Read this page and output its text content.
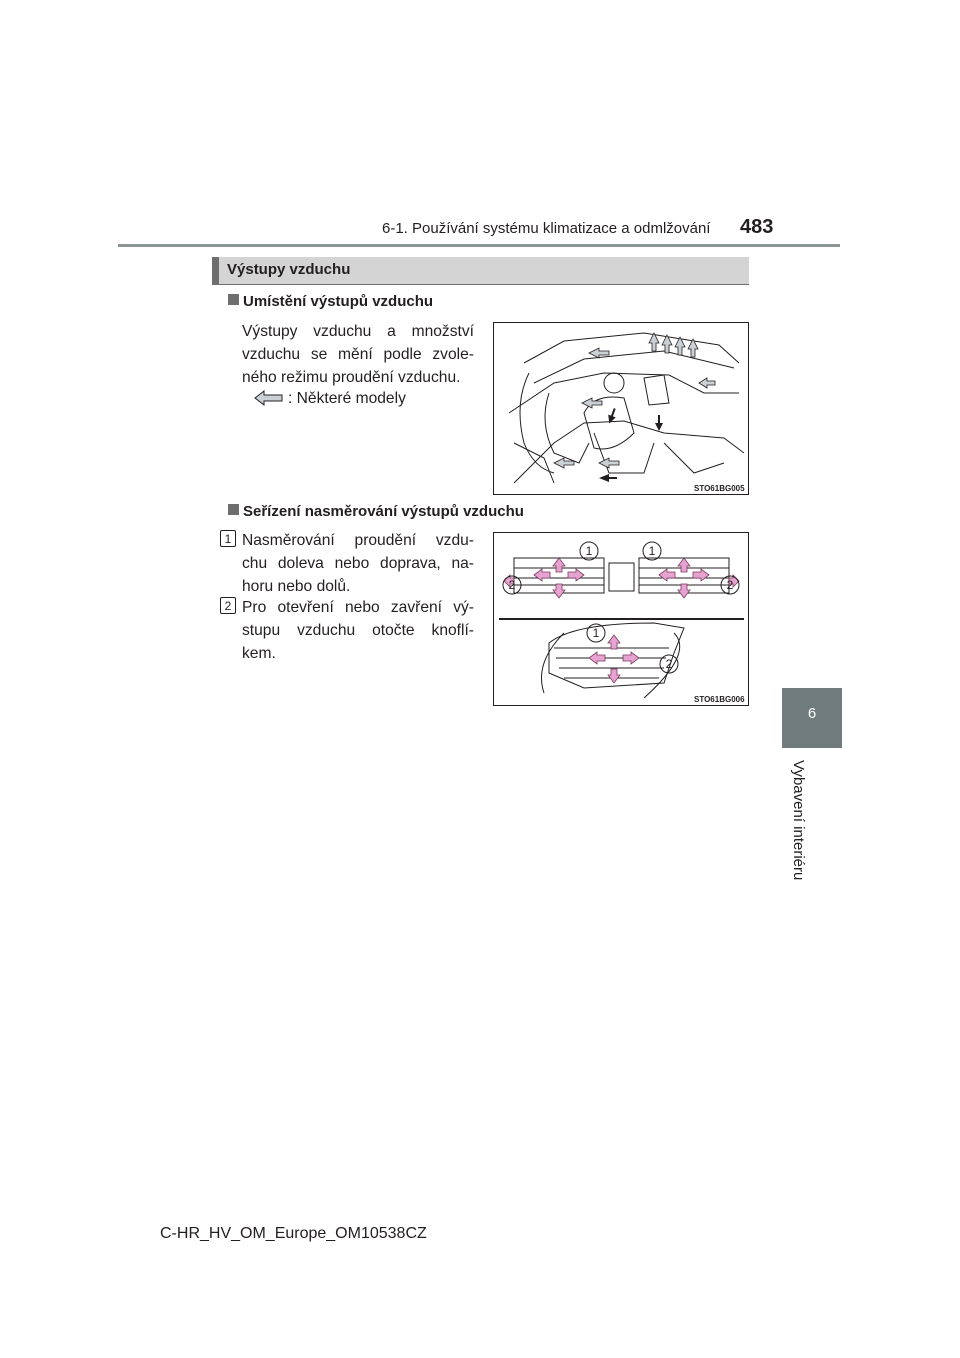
6-1. Používání systému klimatizace a odmlžování 483
6
Vybavení interiéru
Výstupy vzduchu
Umístění výstupů vzduchu
Výstupy vzduchu a množství
vzduchu se mění podle zvole-
ného režimu proudění vzduchu.
: Některé modely
STO61BG005
Seřízení nasměrování výstupů vzduchu
1 Nasměrování proudění vzdu-
chu doleva nebo doprava, na-
horu nebo dolů.
2 Pro otevření nebo zavření vý-
stupu vzduchu otočte knoflí-
kem.
1	1
2	2
1
2
STO61BG006
C-HR_HV_OM_Europe_OM10538CZ
